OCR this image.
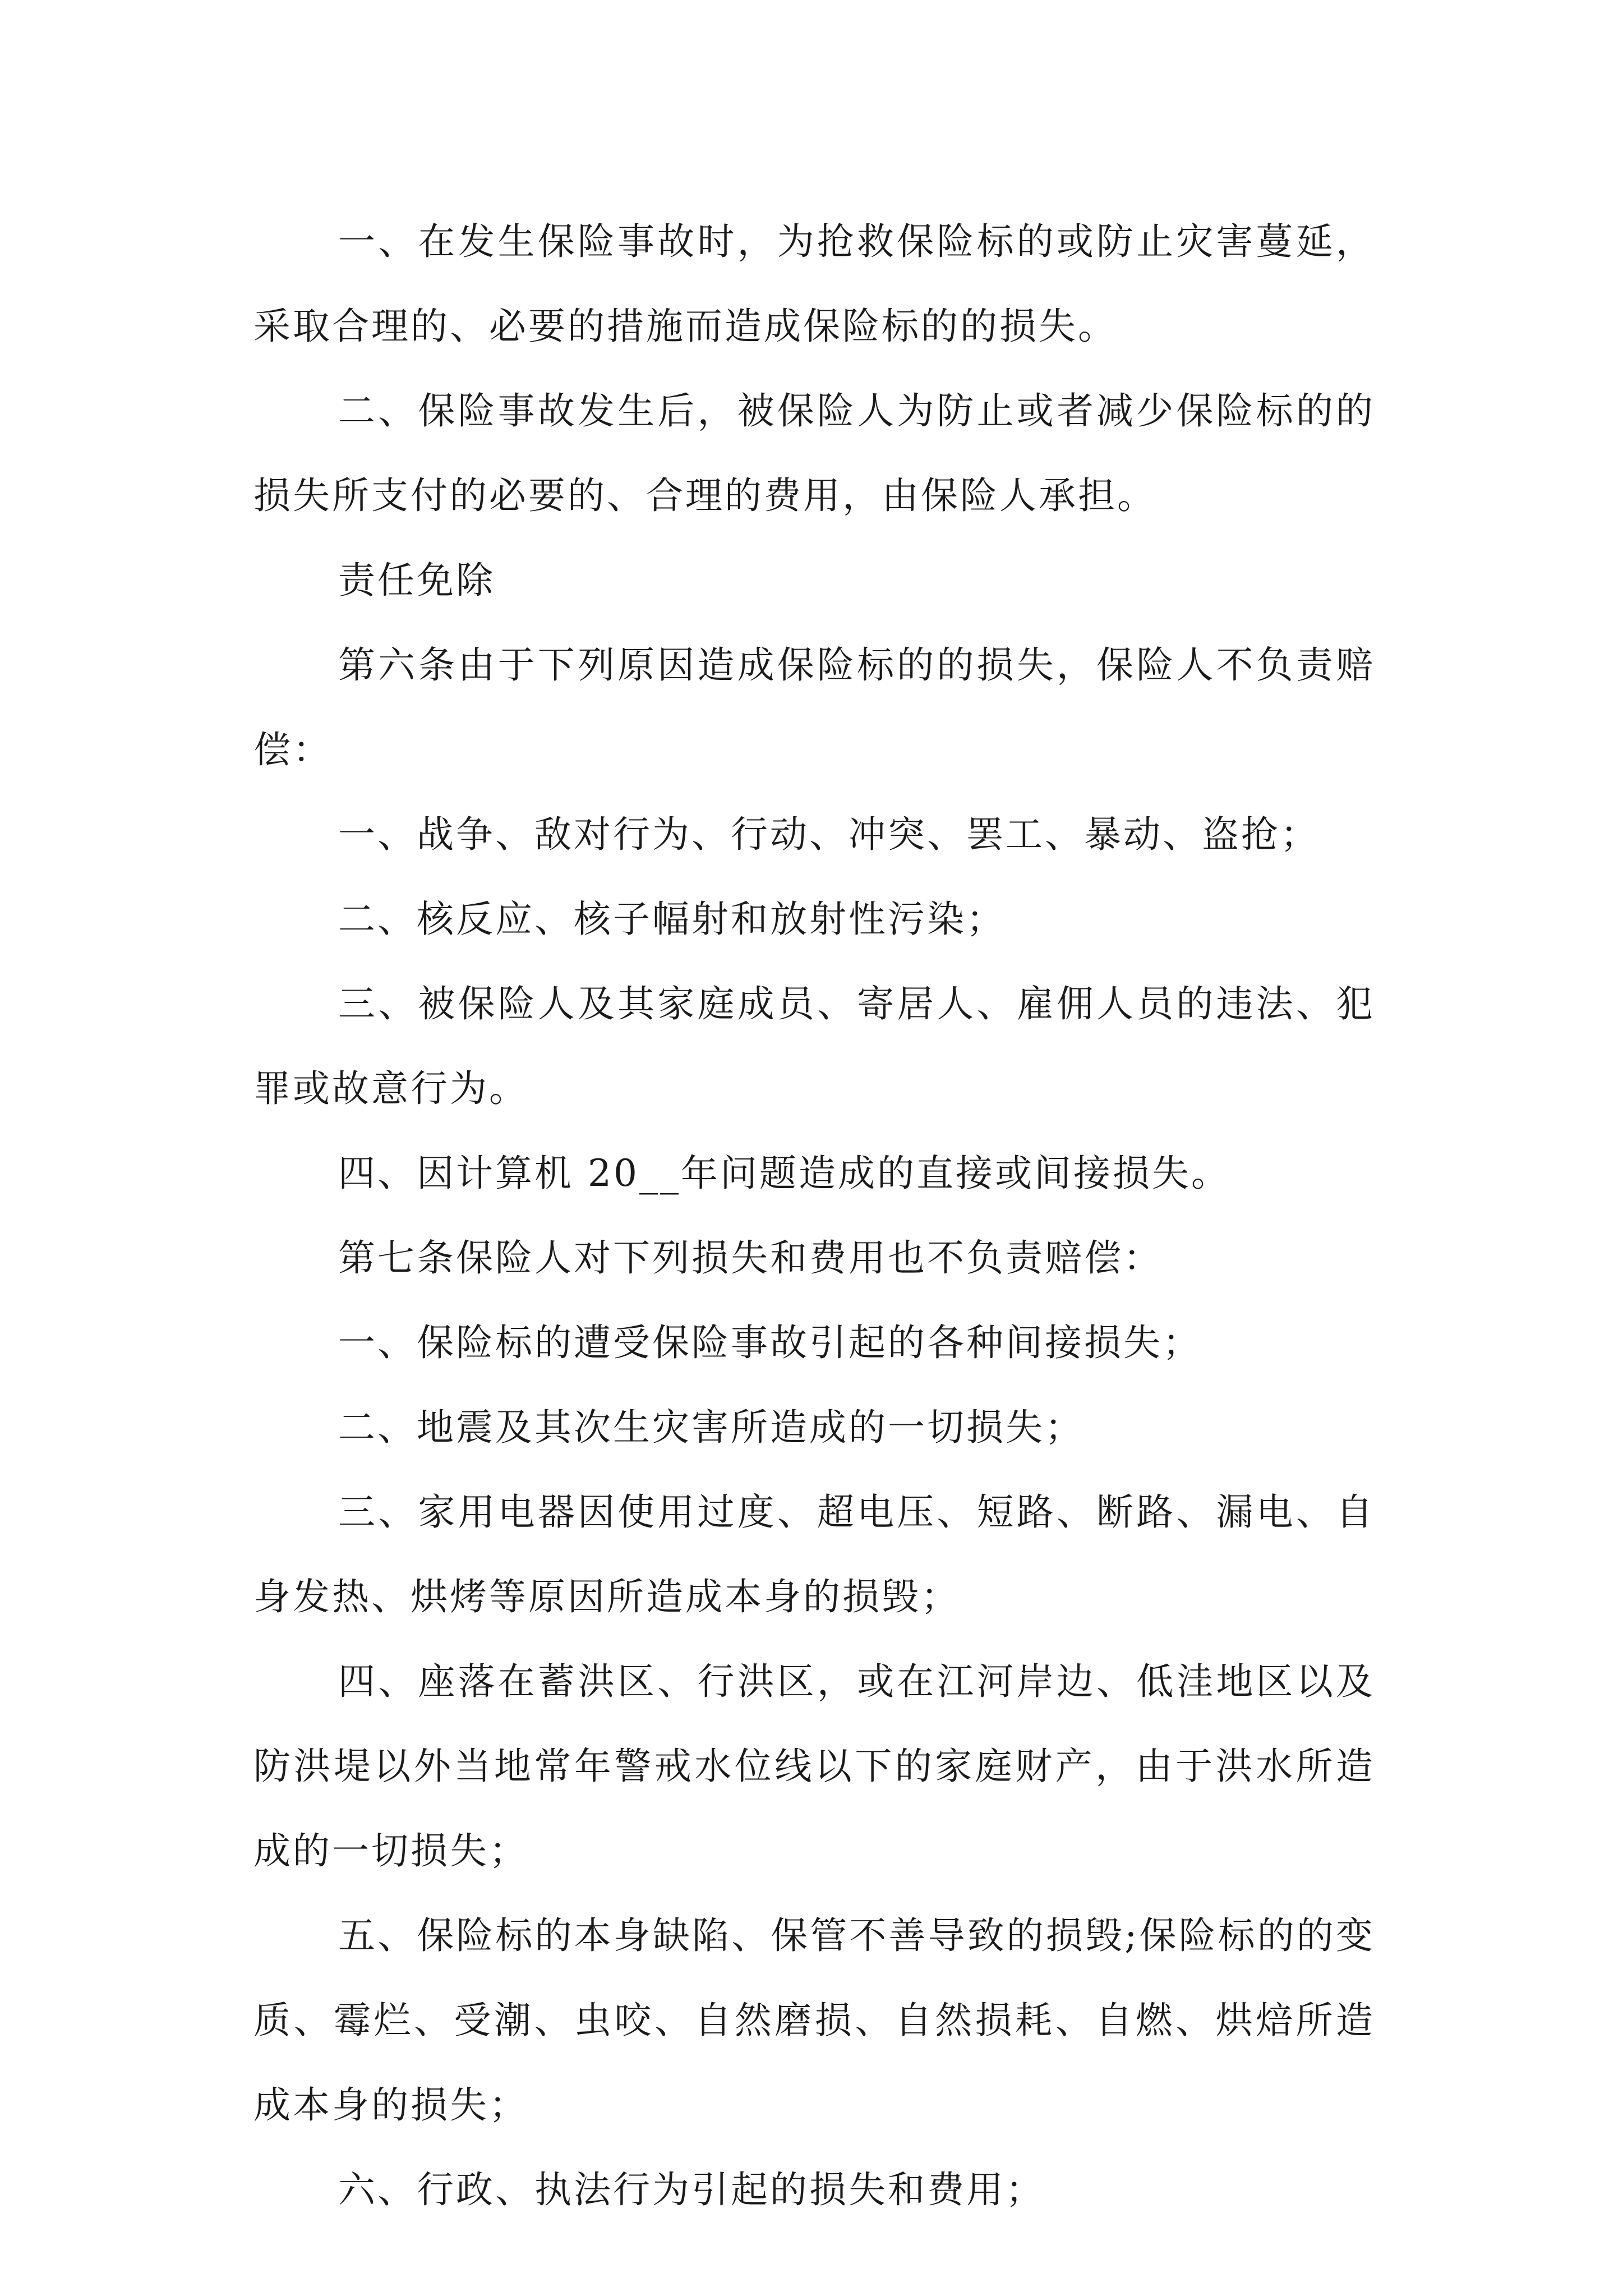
一、在发生保险事故时，为抢救保险标的或防止灾害蔓延，采取合理的、必要的措施而造成保险标的的损失。

二、保险事故发生后，被保险人为防止或者减少保险标的的损失所支付的必要的、合理的费用，由保险人承担。

责任免除

第六条由于下列原因造成保险标的的损失，保险人不负责赔偿：

一、战争、敌对行为、行动、冲突、罢工、暴动、盗抢；

二、核反应、核子幅射和放射性污染；

三、被保险人及其家庭成员、寄居人、雇佣人员的违法、犯罪或故意行为。

四、因计算机 20__年问题造成的直接或间接损失。

第七条保险人对下列损失和费用也不负责赔偿：

一、保险标的遭受保险事故引起的各种间接损失；

二、地震及其次生灾害所造成的一切损失；

三、家用电器因使用过度、超电压、短路、断路、漏电、自身发热、烘烤等原因所造成本身的损毁；

四、座落在蓄洪区、行洪区，或在江河岸边、低洼地区以及防洪堤以外当地常年警戒水位线以下的家庭财产，由于洪水所造成的一切损失；

五、保险标的本身缺陷、保管不善导致的损毁;保险标的的变质、霉烂、受潮、虫咬、自然磨损、自然损耗、自燃、烘焙所造成本身的损失；

六、行政、执法行为引起的损失和费用；
